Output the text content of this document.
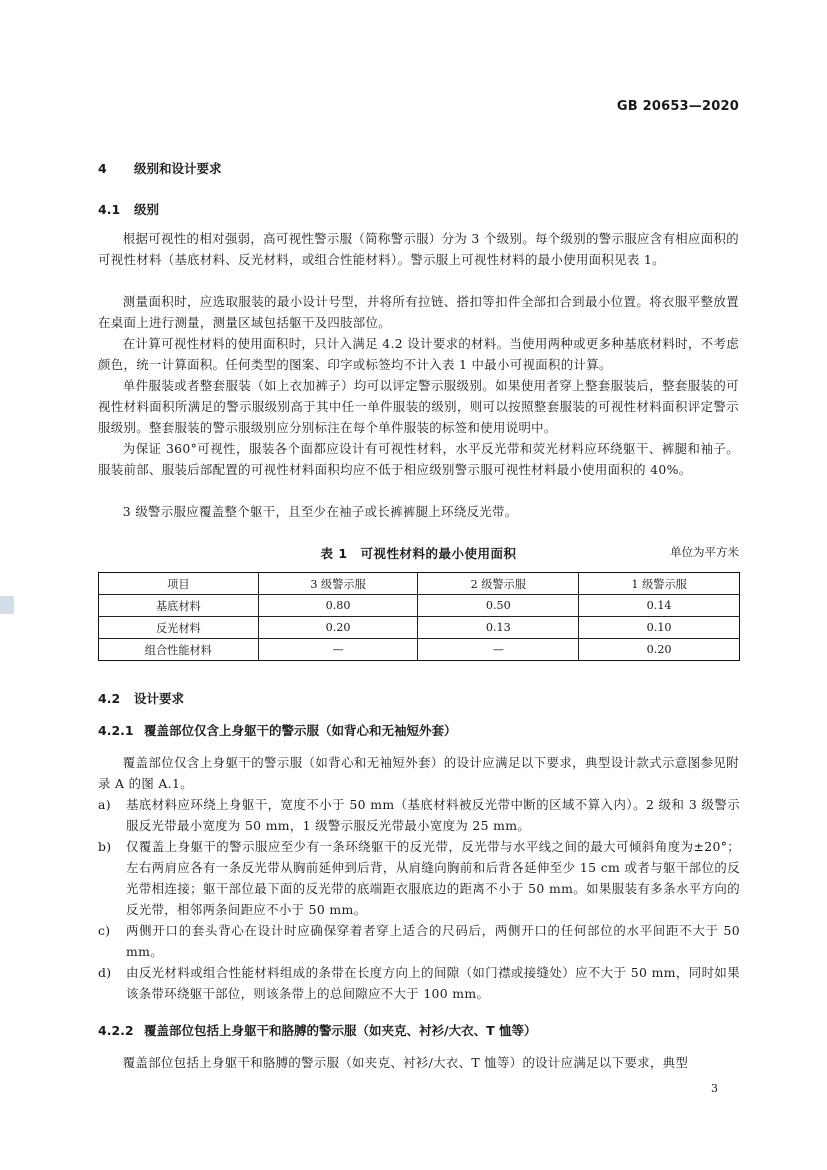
GB 20653—2020
4 级别和设计要求
4.1 级别
根据可视性的相对强弱，高可视性警示服（简称警示服）分为 3 个级别。每个级别的警示服应含有相应面积的可视性材料（基底材料、反光材料，或组合性能材料）。警示服上可视性材料的最小使用面积见表 1。
测量面积时，应选取服装的最小设计号型，并将所有拉链、搭扣等扣件全部扣合到最小位置。将衣服平整放置在桌面上进行测量，测量区域包括躯干及四肢部位。
在计算可视性材料的使用面积时，只计入满足 4.2 设计要求的材料。当使用两种或更多种基底材料时，不考虑颜色，统一计算面积。任何类型的图案、印字或标签均不计入表 1 中最小可视面积的计算。
单件服装或者整套服装（如上衣加裤子）均可以评定警示服级别。如果使用者穿上整套服装后，整套服装的可视性材料面积所满足的警示服级别高于其中任一单件服装的级别，则可以按照整套服装的可视性材料面积评定警示服级别。整套服装的警示服级别应分别标注在每个单件服装的标签和使用说明中。
为保证 360°可视性，服装各个面都应设计有可视性材料，水平反光带和荧光材料应环绕躯干、裤腿和袖子。服装前部、服装后部配置的可视性材料面积均应不低于相应级别警示服可视性材料最小使用面积的 40%。
3 级警示服应覆盖整个躯干，且至少在袖子或长裤裤腿上环绕反光带。
表 1　可视性材料的最小使用面积	单位为平方米
项目	3 级警示服	2 级警示服	1 级警示服
基底材料	0.80	0.50	0.14
反光材料	0.20	0.13	0.10
组合性能材料	—	—	0.20
4.2 设计要求
4.2.1 覆盖部位仅含上身躯干的警示服（如背心和无袖短外套）
覆盖部位仅含上身躯干的警示服（如背心和无袖短外套）的设计应满足以下要求，典型设计款式示意图参见附录 A 的图 A.1。
a) 基底材料应环绕上身躯干，宽度不小于 50 mm（基底材料被反光带中断的区域不算入内）。2 级和 3 级警示服反光带最小宽度为 50 mm，1 级警示服反光带最小宽度为 25 mm。
b) 仅覆盖上身躯干的警示服应至少有一条环绕躯干的反光带，反光带与水平线之间的最大可倾斜角度为±20°；左右两肩应各有一条反光带从胸前延伸到后背，从肩缝向胸前和后背各延伸至少 15 cm 或者与躯干部位的反光带相连接；躯干部位最下面的反光带的底端距衣服底边的距离不小于 50 mm。如果服装有多条水平方向的反光带，相邻两条间距应不小于 50 mm。
c) 两侧开口的套头背心在设计时应确保穿着者穿上适合的尺码后，两侧开口的任何部位的水平间距不大于 50 mm。
d) 由反光材料或组合性能材料组成的条带在长度方向上的间隙（如门襟或接缝处）应不大于 50 mm，同时如果该条带环绕躯干部位，则该条带上的总间隙应不大于 100 mm。
4.2.2 覆盖部位包括上身躯干和胳膊的警示服（如夹克、衬衫/大衣、T 恤等）
覆盖部位包括上身躯干和胳膊的警示服（如夹克、衬衫/大衣、T 恤等）的设计应满足以下要求，典型
3
